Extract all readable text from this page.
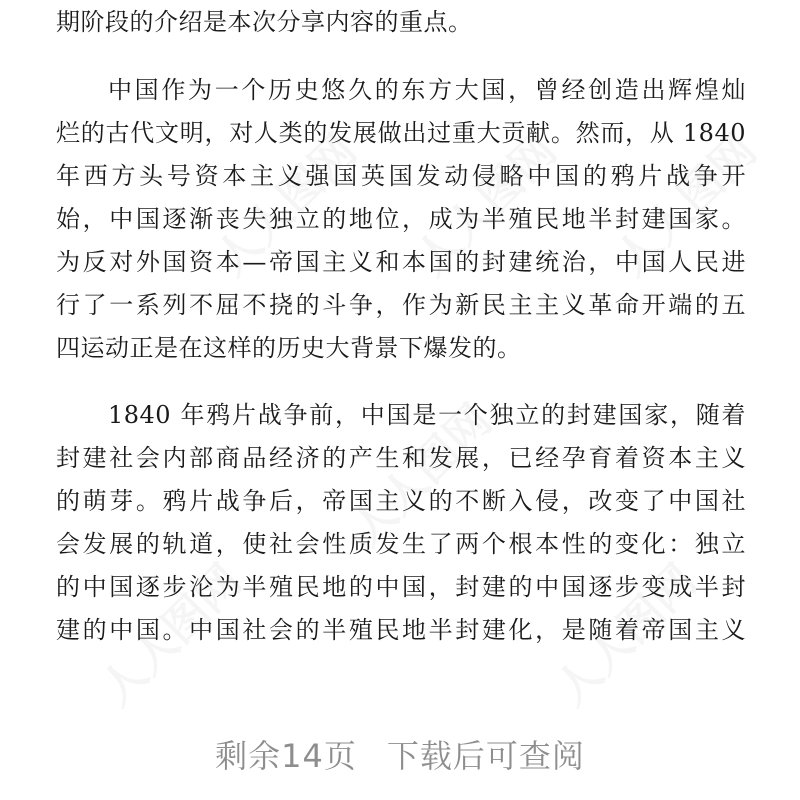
人人图网 人人图网 人人图网
人人图网
人人图网
人人图网

期阶段的介绍是本次分享内容的重点。

中国作为一个历史悠久的东方大国，曾经创造出辉煌灿

烂的古代文明，对人类的发展做出过重大贡献。然而，从 1840

年西方头号资本主义强国英国发动侵略中国的鸦片战争开

始，中国逐渐丧失独立的地位，成为半殖民地半封建国家。

为反对外国资本—帝国主义和本国的封建统治，中国人民进

行了一系列不屈不挠的斗争，作为新民主主义革命开端的五

四运动正是在这样的历史大背景下爆发的。

1840 年鸦片战争前，中国是一个独立的封建国家，随着

封建社会内部商品经济的产生和发展，已经孕育着资本主义

的萌芽。鸦片战争后，帝国主义的不断入侵，改变了中国社

会发展的轨道，使社会性质发生了两个根本性的变化：独立

的中国逐步沦为半殖民地的中国，封建的中国逐步变成半封

建的中国。中国社会的半殖民地半封建化，是随着帝国主义

剩余14页 下载后可查阅
